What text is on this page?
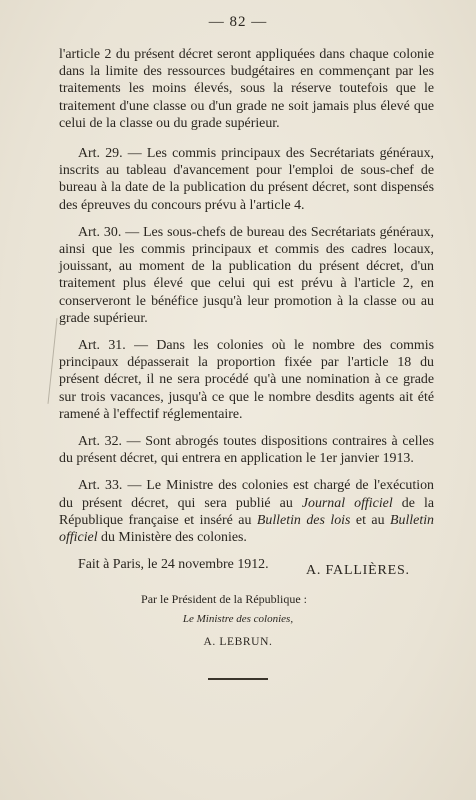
— 82 —

l'article 2 du présent décret seront appliquées dans chaque colonie dans la limite des ressources budgétaires en commençant par les traitements les moins élevés, sous la réserve toutefois que le traitement d'une classe ou d'un grade ne soit jamais plus élevé que celui de la classe ou du grade supérieur.

Art. 29. — Les commis principaux des Secrétariats généraux, inscrits au tableau d'avancement pour l'emploi de sous-chef de bureau à la date de la publication du présent décret, sont dispensés des épreuves du concours prévu à l'article 4.

Art. 30. — Les sous-chefs de bureau des Secrétariats généraux, ainsi que les commis principaux et commis des cadres locaux, jouissant, au moment de la publication du présent décret, d'un traitement plus élevé que celui qui est prévu à l'article 2, en conserveront le bénéfice jusqu'à leur promotion à la classe ou au grade supérieur.

Art. 31. — Dans les colonies où le nombre des commis principaux dépasserait la proportion fixée par l'article 18 du présent décret, il ne sera procédé qu'à une nomination à ce grade sur trois vacances, jusqu'à ce que le nombre desdits agents ait été ramené à l'effectif réglementaire.

Art. 32. — Sont abrogés toutes dispositions contraires à celles du présent décret, qui entrera en application le 1er janvier 1913.

Art. 33. — Le Ministre des colonies est chargé de l'exécution du présent décret, qui sera publié au Journal officiel de la République française et inséré au Bulletin des lois et au Bulletin officiel du Ministère des colonies.

Fait à Paris, le 24 novembre 1912.	A. FALLIÈRES.
Par le Président de la République :
Le Ministre des colonies,
A. LEBRUN.
